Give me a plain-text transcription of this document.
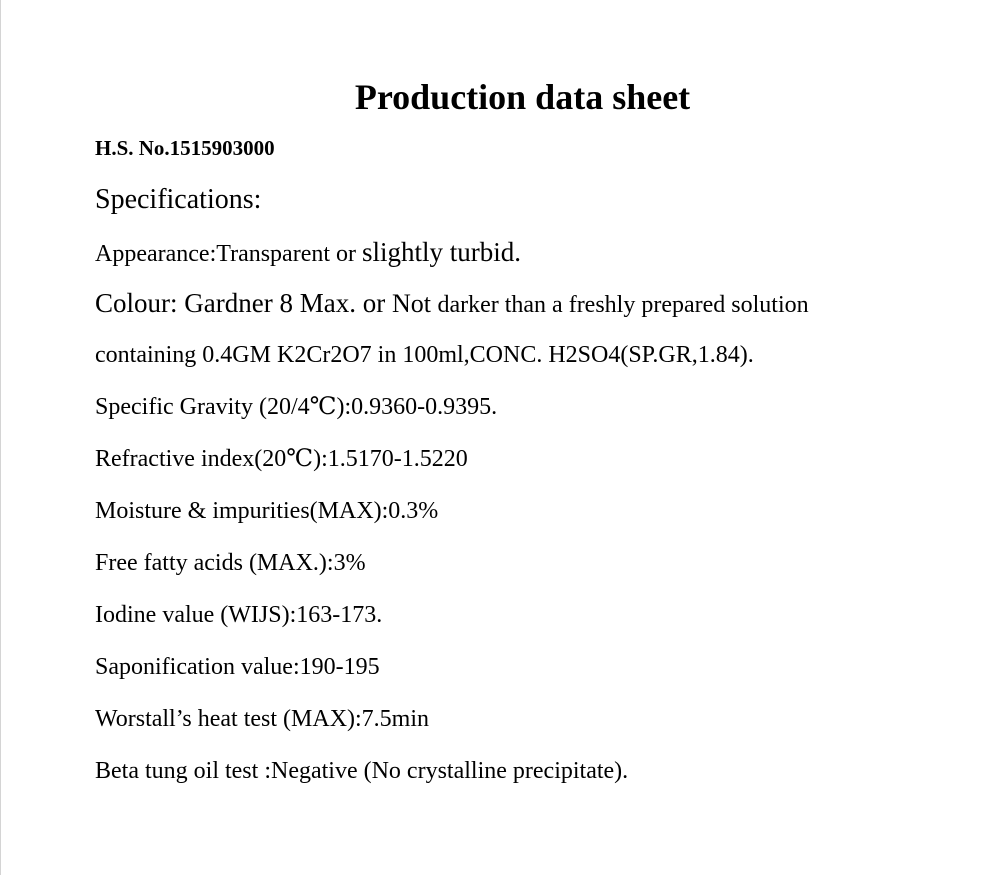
Production data sheet
H.S. No.1515903000
Specifications:
Appearance:Transparent or slightly turbid.
Colour: Gardner 8 Max. or Not darker than a freshly prepared solution
containing 0.4GM K2Cr2O7 in 100ml,CONC. H2SO4(SP.GR,1.84).
Specific Gravity (20/4℃):0.9360-0.9395.
Refractive index(20℃):1.5170-1.5220
Moisture & impurities(MAX):0.3%
Free fatty acids (MAX.):3%
Iodine value (WIJS):163-173.
Saponification value:190-195
Worstall’s heat test (MAX):7.5min
Beta tung oil test :Negative (No crystalline precipitate).
